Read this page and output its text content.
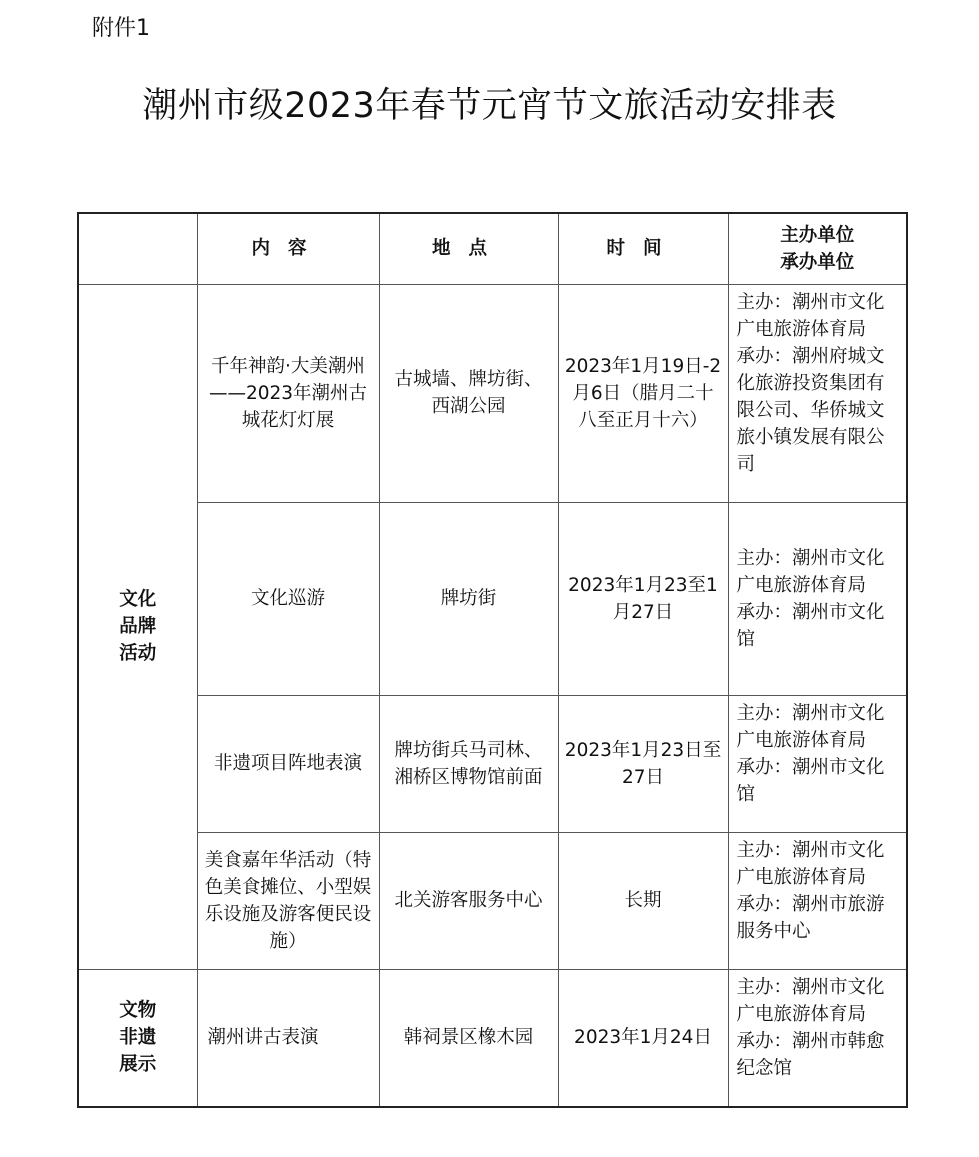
附件1
潮州市级2023年春节元宵节文旅活动安排表
	内容	地点	时间	主办单位
承办单位

文化品牌活动	千年神韵·大美潮州——2023年潮州古城花灯灯展	古城墙、牌坊街、西湖公园	2023年1月19日-2月6日（腊月二十八至正月十六）	主办：潮州市文化广电旅游体育局
承办：潮州府城文化旅游投资集团有限公司、华侨城文旅小镇发展有限公司

	文化巡游	牌坊街	2023年1月23至1月27日	主办：潮州市文化广电旅游体育局
承办：潮州市文化馆

	非遗项目阵地表演	牌坊街兵马司林、湘桥区博物馆前面	2023年1月23日至27日	主办：潮州市文化广电旅游体育局
承办：潮州市文化馆

	美食嘉年华活动（特色美食摊位、小型娱乐设施及游客便民设施）	北关游客服务中心	长期	主办：潮州市文化广电旅游体育局
承办：潮州市旅游服务中心

文物非遗展示	潮州讲古表演	韩祠景区橡木园	2023年1月24日	主办：潮州市文化广电旅游体育局
承办：潮州市韩愈纪念馆
